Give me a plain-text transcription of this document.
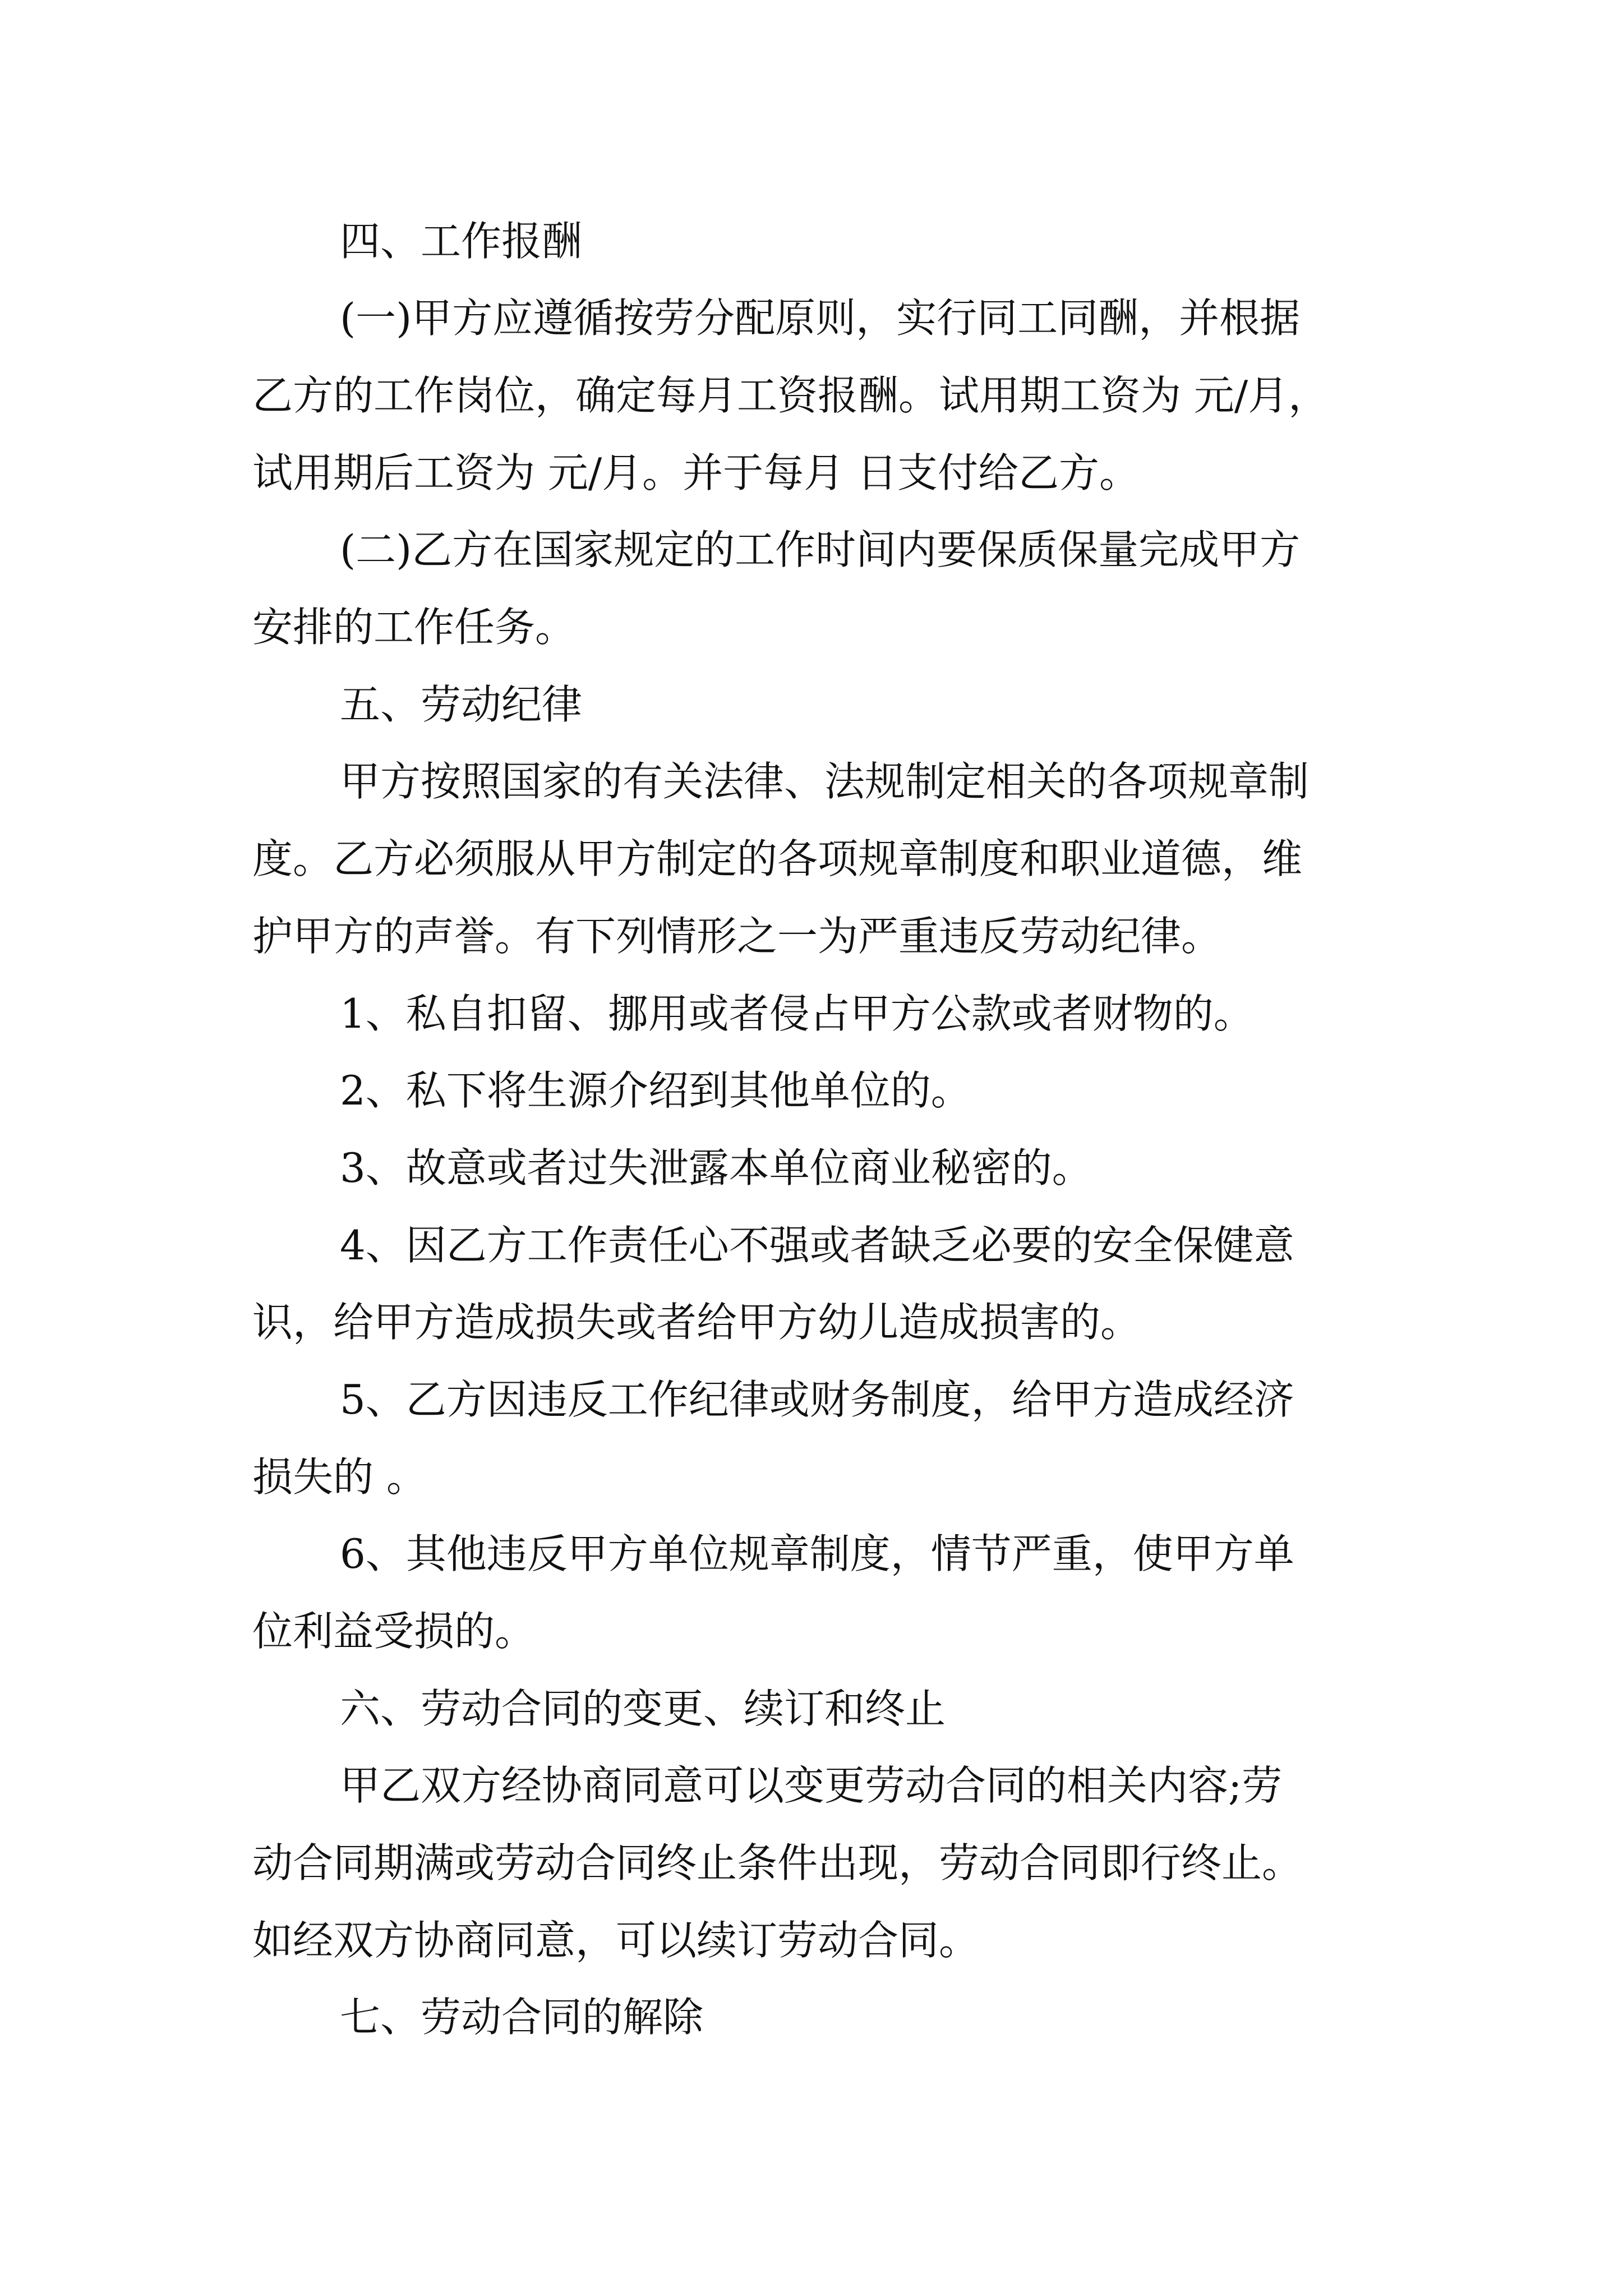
四、工作报酬
(一)甲方应遵循按劳分配原则，实行同工同酬，并根据
乙方的工作岗位，确定每月工资报酬。试用期工资为 元/月，
试用期后工资为 元/月。并于每月 日支付给乙方。
(二)乙方在国家规定的工作时间内要保质保量完成甲方
安排的工作任务。
五、劳动纪律
甲方按照国家的有关法律、法规制定相关的各项规章制
度。乙方必须服从甲方制定的各项规章制度和职业道德，维
护甲方的声誉。有下列情形之一为严重违反劳动纪律。
1、私自扣留、挪用或者侵占甲方公款或者财物的。
2、私下将生源介绍到其他单位的。
3、故意或者过失泄露本单位商业秘密的。
4、因乙方工作责任心不强或者缺乏必要的安全保健意
识，给甲方造成损失或者给甲方幼儿造成损害的。
5、乙方因违反工作纪律或财务制度，给甲方造成经济
损失的 。
6、其他违反甲方单位规章制度，情节严重，使甲方单
位利益受损的。
六、劳动合同的变更、续订和终止
甲乙双方经协商同意可以变更劳动合同的相关内容;劳
动合同期满或劳动合同终止条件出现，劳动合同即行终止。
如经双方协商同意，可以续订劳动合同。
七、劳动合同的解除
